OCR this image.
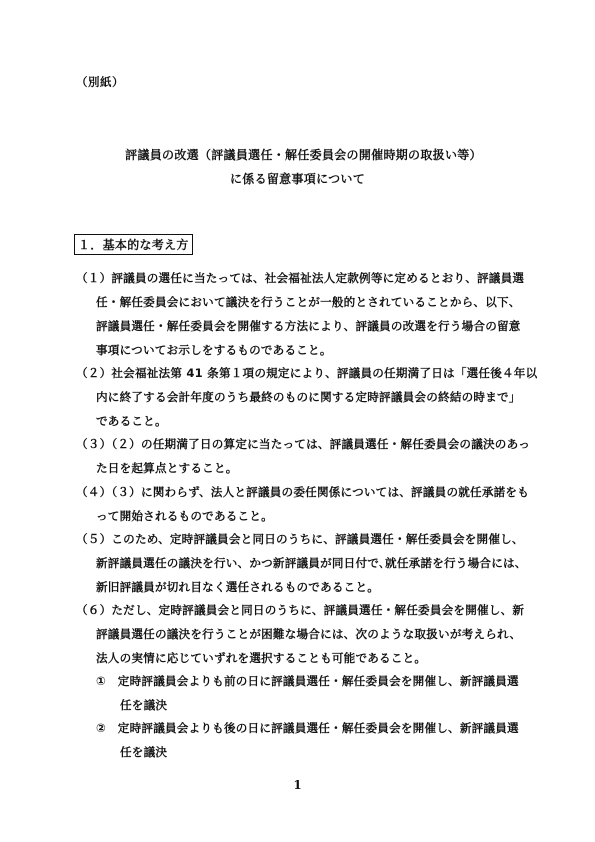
（別紙）
評議員の改選（評議員選任・解任委員会の開催時期の取扱い等）
に係る留意事項について
１．基本的な考え方
（１）評議員の選任に当たっては、社会福祉法人定款例等に定めるとおり、評議員選
任・解任委員会において議決を行うことが一般的とされていることから、以下、
評議員選任・解任委員会を開催する方法により、評議員の改選を行う場合の留意
事項についてお示しをするものであること。
（２）社会福祉法第 41 条第１項の規定により、評議員の任期満了日は「選任後４年以
内に終了する会計年度のうち最終のものに関する定時評議員会の終結の時まで」
であること。
（３）（２）の任期満了日の算定に当たっては、評議員選任・解任委員会の議決のあっ
た日を起算点とすること。
（４）（３）に関わらず、法人と評議員の委任関係については、評議員の就任承諾をも
って開始されるものであること。
（５）このため、定時評議員会と同日のうちに、評議員選任・解任委員会を開催し、
新評議員選任の議決を行い、かつ新評議員が同日付で､就任承諾を行う場合には、
新旧評議員が切れ目なく選任されるものであること。
（６）ただし、定時評議員会と同日のうちに、評議員選任・解任委員会を開催し、新
評議員選任の議決を行うことが困難な場合には、次のような取扱いが考えられ、
法人の実情に応じていずれを選択することも可能であること。
①　定時評議員会よりも前の日に評議員選任・解任委員会を開催し、新評議員選
任を議決
②　定時評議員会よりも後の日に評議員選任・解任委員会を開催し、新評議員選
任を議決
1
